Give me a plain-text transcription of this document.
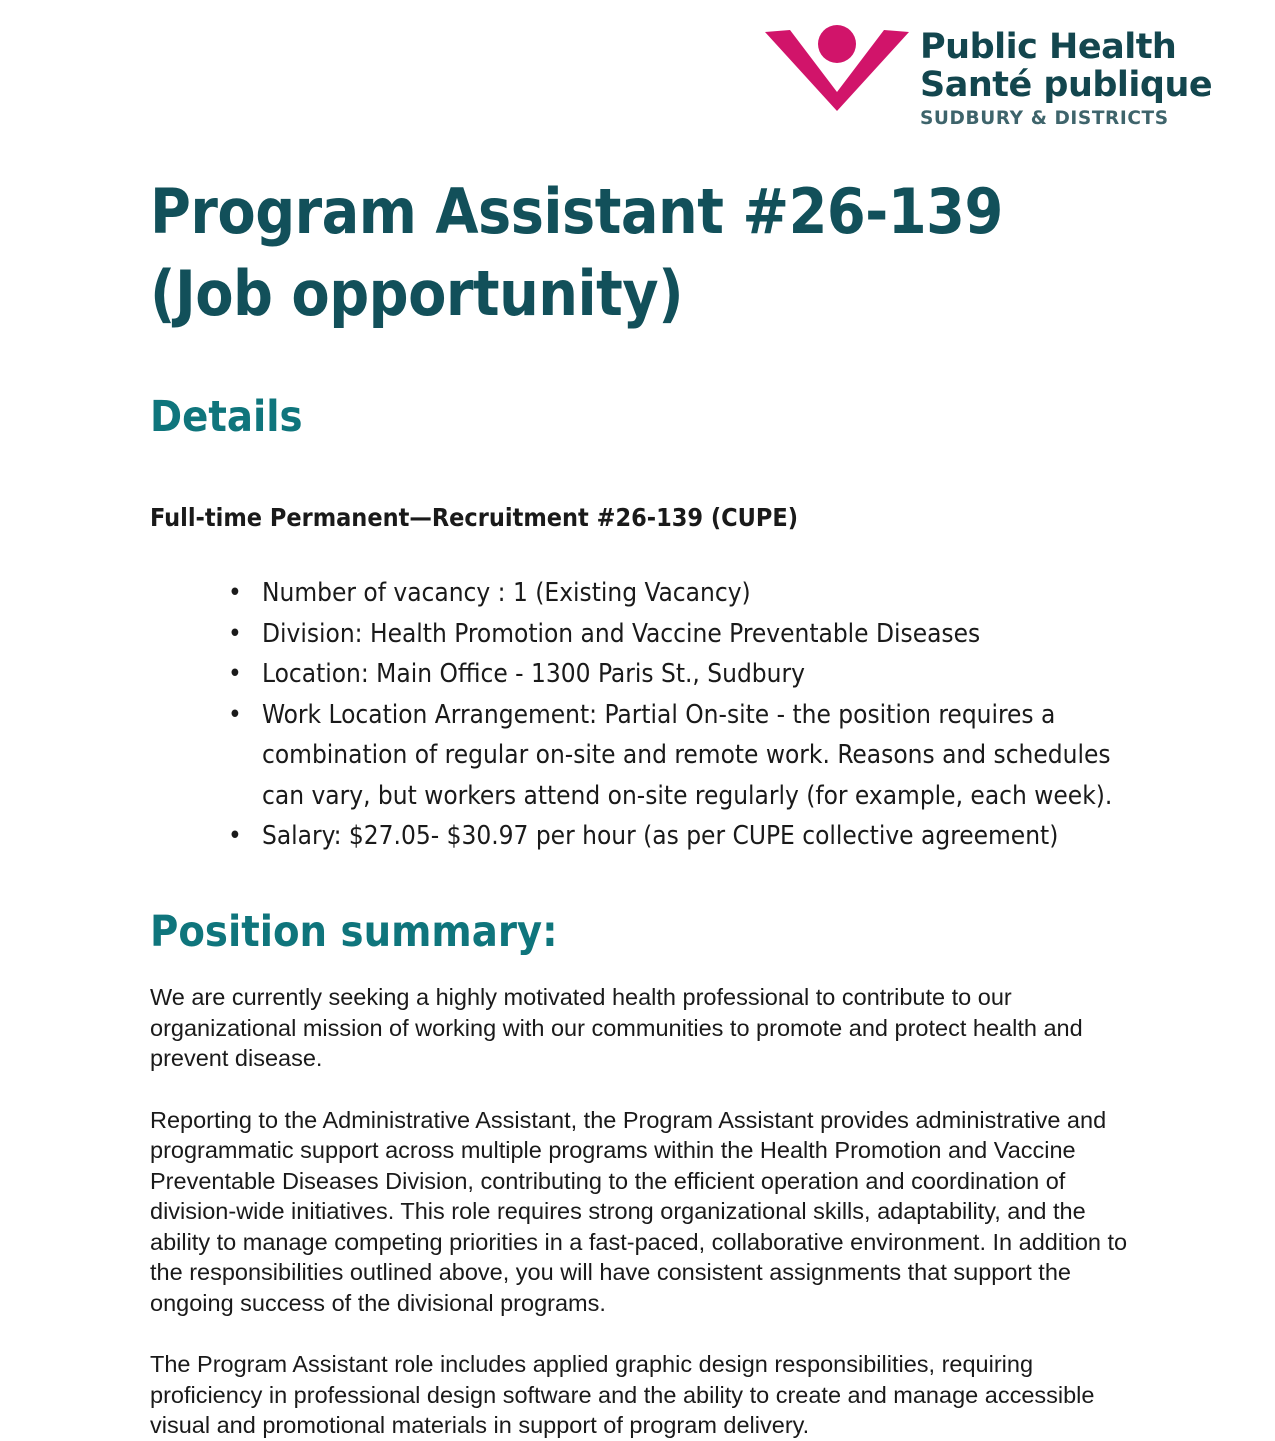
Public Health
Santé publique
SUDBURY & DISTRICTS
Program Assistant #26-139 (Job opportunity)
Details

Full-time Permanent—Recruitment #26-139 (CUPE)

• Number of vacancy : 1 (Existing Vacancy)
• Division: Health Promotion and Vaccine Preventable Diseases
• Location: Main Office - 1300 Paris St., Sudbury
• Work Location Arrangement: Partial On-site - the position requires a combination of regular on-site and remote work. Reasons and schedules can vary, but workers attend on-site regularly (for example, each week).
• Salary: $27.05- $30.97 per hour (as per CUPE collective agreement)
Position summary:

We are currently seeking a highly motivated health professional to contribute to our organizational mission of working with our communities to promote and protect health and prevent disease.

Reporting to the Administrative Assistant, the Program Assistant provides administrative and programmatic support across multiple programs within the Health Promotion and Vaccine Preventable Diseases Division, contributing to the efficient operation and coordination of division-wide initiatives. This role requires strong organizational skills, adaptability, and the ability to manage competing priorities in a fast-paced, collaborative environment. In addition to the responsibilities outlined above, you will have consistent assignments that support the ongoing success of the divisional programs.

The Program Assistant role includes applied graphic design responsibilities, requiring proficiency in professional design software and the ability to create and manage accessible visual and promotional materials in support of program delivery.
